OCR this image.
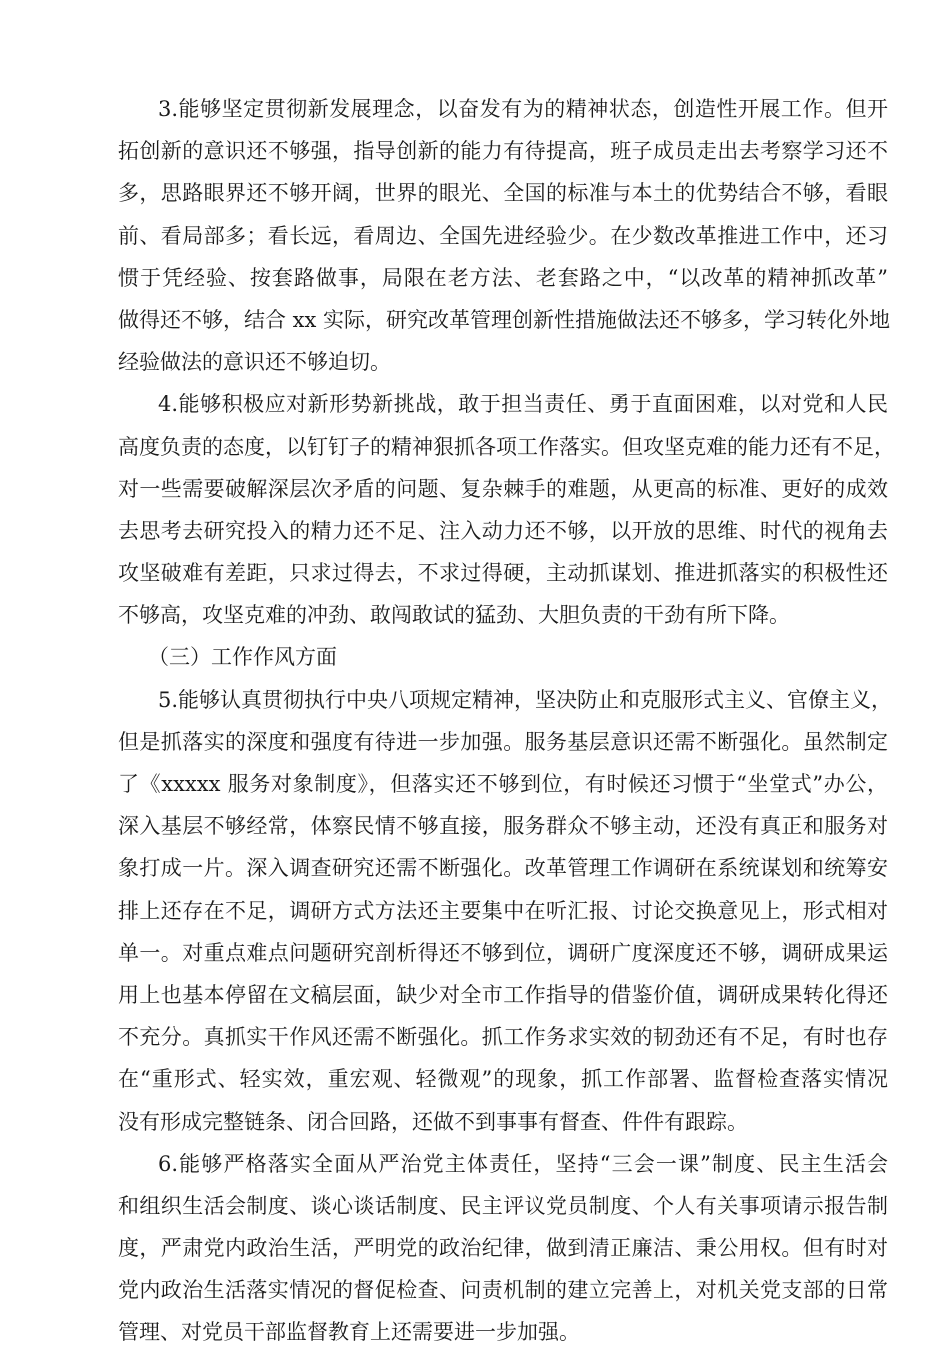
3.能够坚定贯彻新发展理念，以奋发有为的精神状态，创造性开展工作。但开
拓创新的意识还不够强，指导创新的能力有待提高，班子成员走出去考察学习还不
多，思路眼界还不够开阔，世界的眼光、全国的标准与本土的优势结合不够，看眼
前、看局部多；看长远，看周边、全国先进经验少。在少数改革推进工作中，还习
惯于凭经验、按套路做事，局限在老方法、老套路之中，“以改革的精神抓改革”
做得还不够，结合 xx 实际，研究改革管理创新性措施做法还不够多，学习转化外地
经验做法的意识还不够迫切。
4.能够积极应对新形势新挑战，敢于担当责任、勇于直面困难，以对党和人民
高度负责的态度，以钉钉子的精神狠抓各项工作落实。但攻坚克难的能力还有不足，
对一些需要破解深层次矛盾的问题、复杂棘手的难题，从更高的标准、更好的成效
去思考去研究投入的精力还不足、注入动力还不够，以开放的思维、时代的视角去
攻坚破难有差距，只求过得去，不求过得硬，主动抓谋划、推进抓落实的积极性还
不够高，攻坚克难的冲劲、敢闯敢试的猛劲、大胆负责的干劲有所下降。
（三）工作作风方面
5.能够认真贯彻执行中央八项规定精神，坚决防止和克服形式主义、官僚主义，
但是抓落实的深度和强度有待进一步加强。服务基层意识还需不断强化。虽然制定
了《xxxxx 服务对象制度》，但落实还不够到位，有时候还习惯于“坐堂式”办公，
深入基层不够经常，体察民情不够直接，服务群众不够主动，还没有真正和服务对
象打成一片。深入调查研究还需不断强化。改革管理工作调研在系统谋划和统筹安
排上还存在不足，调研方式方法还主要集中在听汇报、讨论交换意见上，形式相对
单一。对重点难点问题研究剖析得还不够到位，调研广度深度还不够，调研成果运
用上也基本停留在文稿层面，缺少对全市工作指导的借鉴价值，调研成果转化得还
不充分。真抓实干作风还需不断强化。抓工作务求实效的韧劲还有不足，有时也存
在“重形式、轻实效，重宏观、轻微观”的现象，抓工作部署、监督检查落实情况
没有形成完整链条、闭合回路，还做不到事事有督查、件件有跟踪。
6.能够严格落实全面从严治党主体责任，坚持“三会一课”制度、民主生活会
和组织生活会制度、谈心谈话制度、民主评议党员制度、个人有关事项请示报告制
度，严肃党内政治生活，严明党的政治纪律，做到清正廉洁、秉公用权。但有时对
党内政治生活落实情况的督促检查、问责机制的建立完善上，对机关党支部的日常
管理、对党员干部监督教育上还需要进一步加强。
